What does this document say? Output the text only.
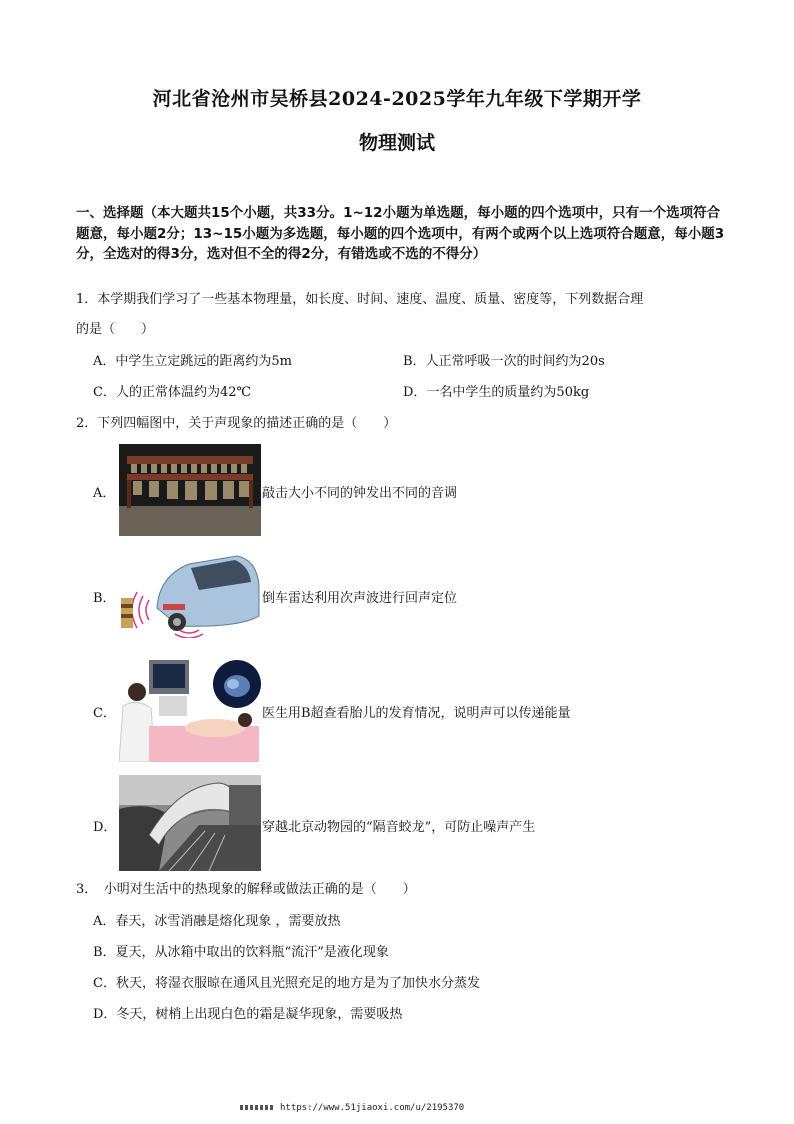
河北省沧州市吴桥县2024-2025学年九年级下学期开学
物理测试
一、选择题（本大题共15个小题，共33分。1~12小题为单选题，每小题的四个选项中，只有一个选项符合题意，每小题2分；13~15小题为多选题，每小题的四个选项中，有两个或两个以上选项符合题意，每小题3分，全选对的得3分，选对但不全的得2分，有错选或不选的不得分）
1．本学期我们学习了一些基本物理量，如长度、时间、速度、温度、质量、密度等，下列数据合理
的是（　　）
A．中学生立定跳远的距离约为5m	B．人正常呼吸一次的时间约为20s
C．人的正常体温约为42℃	D．一名中学生的质量约为50kg
2．下列四幅图中，关于声现象的描述正确的是（　　）
A．	敲击大小不同的钟发出不同的音调
B．	倒车雷达利用次声波进行回声定位
C．	医生用B超查看胎儿的发育情况，说明声可以传递能量
D．	穿越北京动物园的“隔音蛟龙”，可防止噪声产生
3．　小明对生活中的热现象的解释或做法正确的是（　　）
A．春天，冰雪消融是熔化现象 ，需要放热
B．夏天，从冰箱中取出的饮料瓶“流汗”是液化现象
C．秋天，将湿衣服晾在通风且光照充足的地方是为了加快水分蒸发
D．冬天，树梢上出现白色的霜是凝华现象，需要吸热
https://www.51jiaoxi.com/u/2195370
